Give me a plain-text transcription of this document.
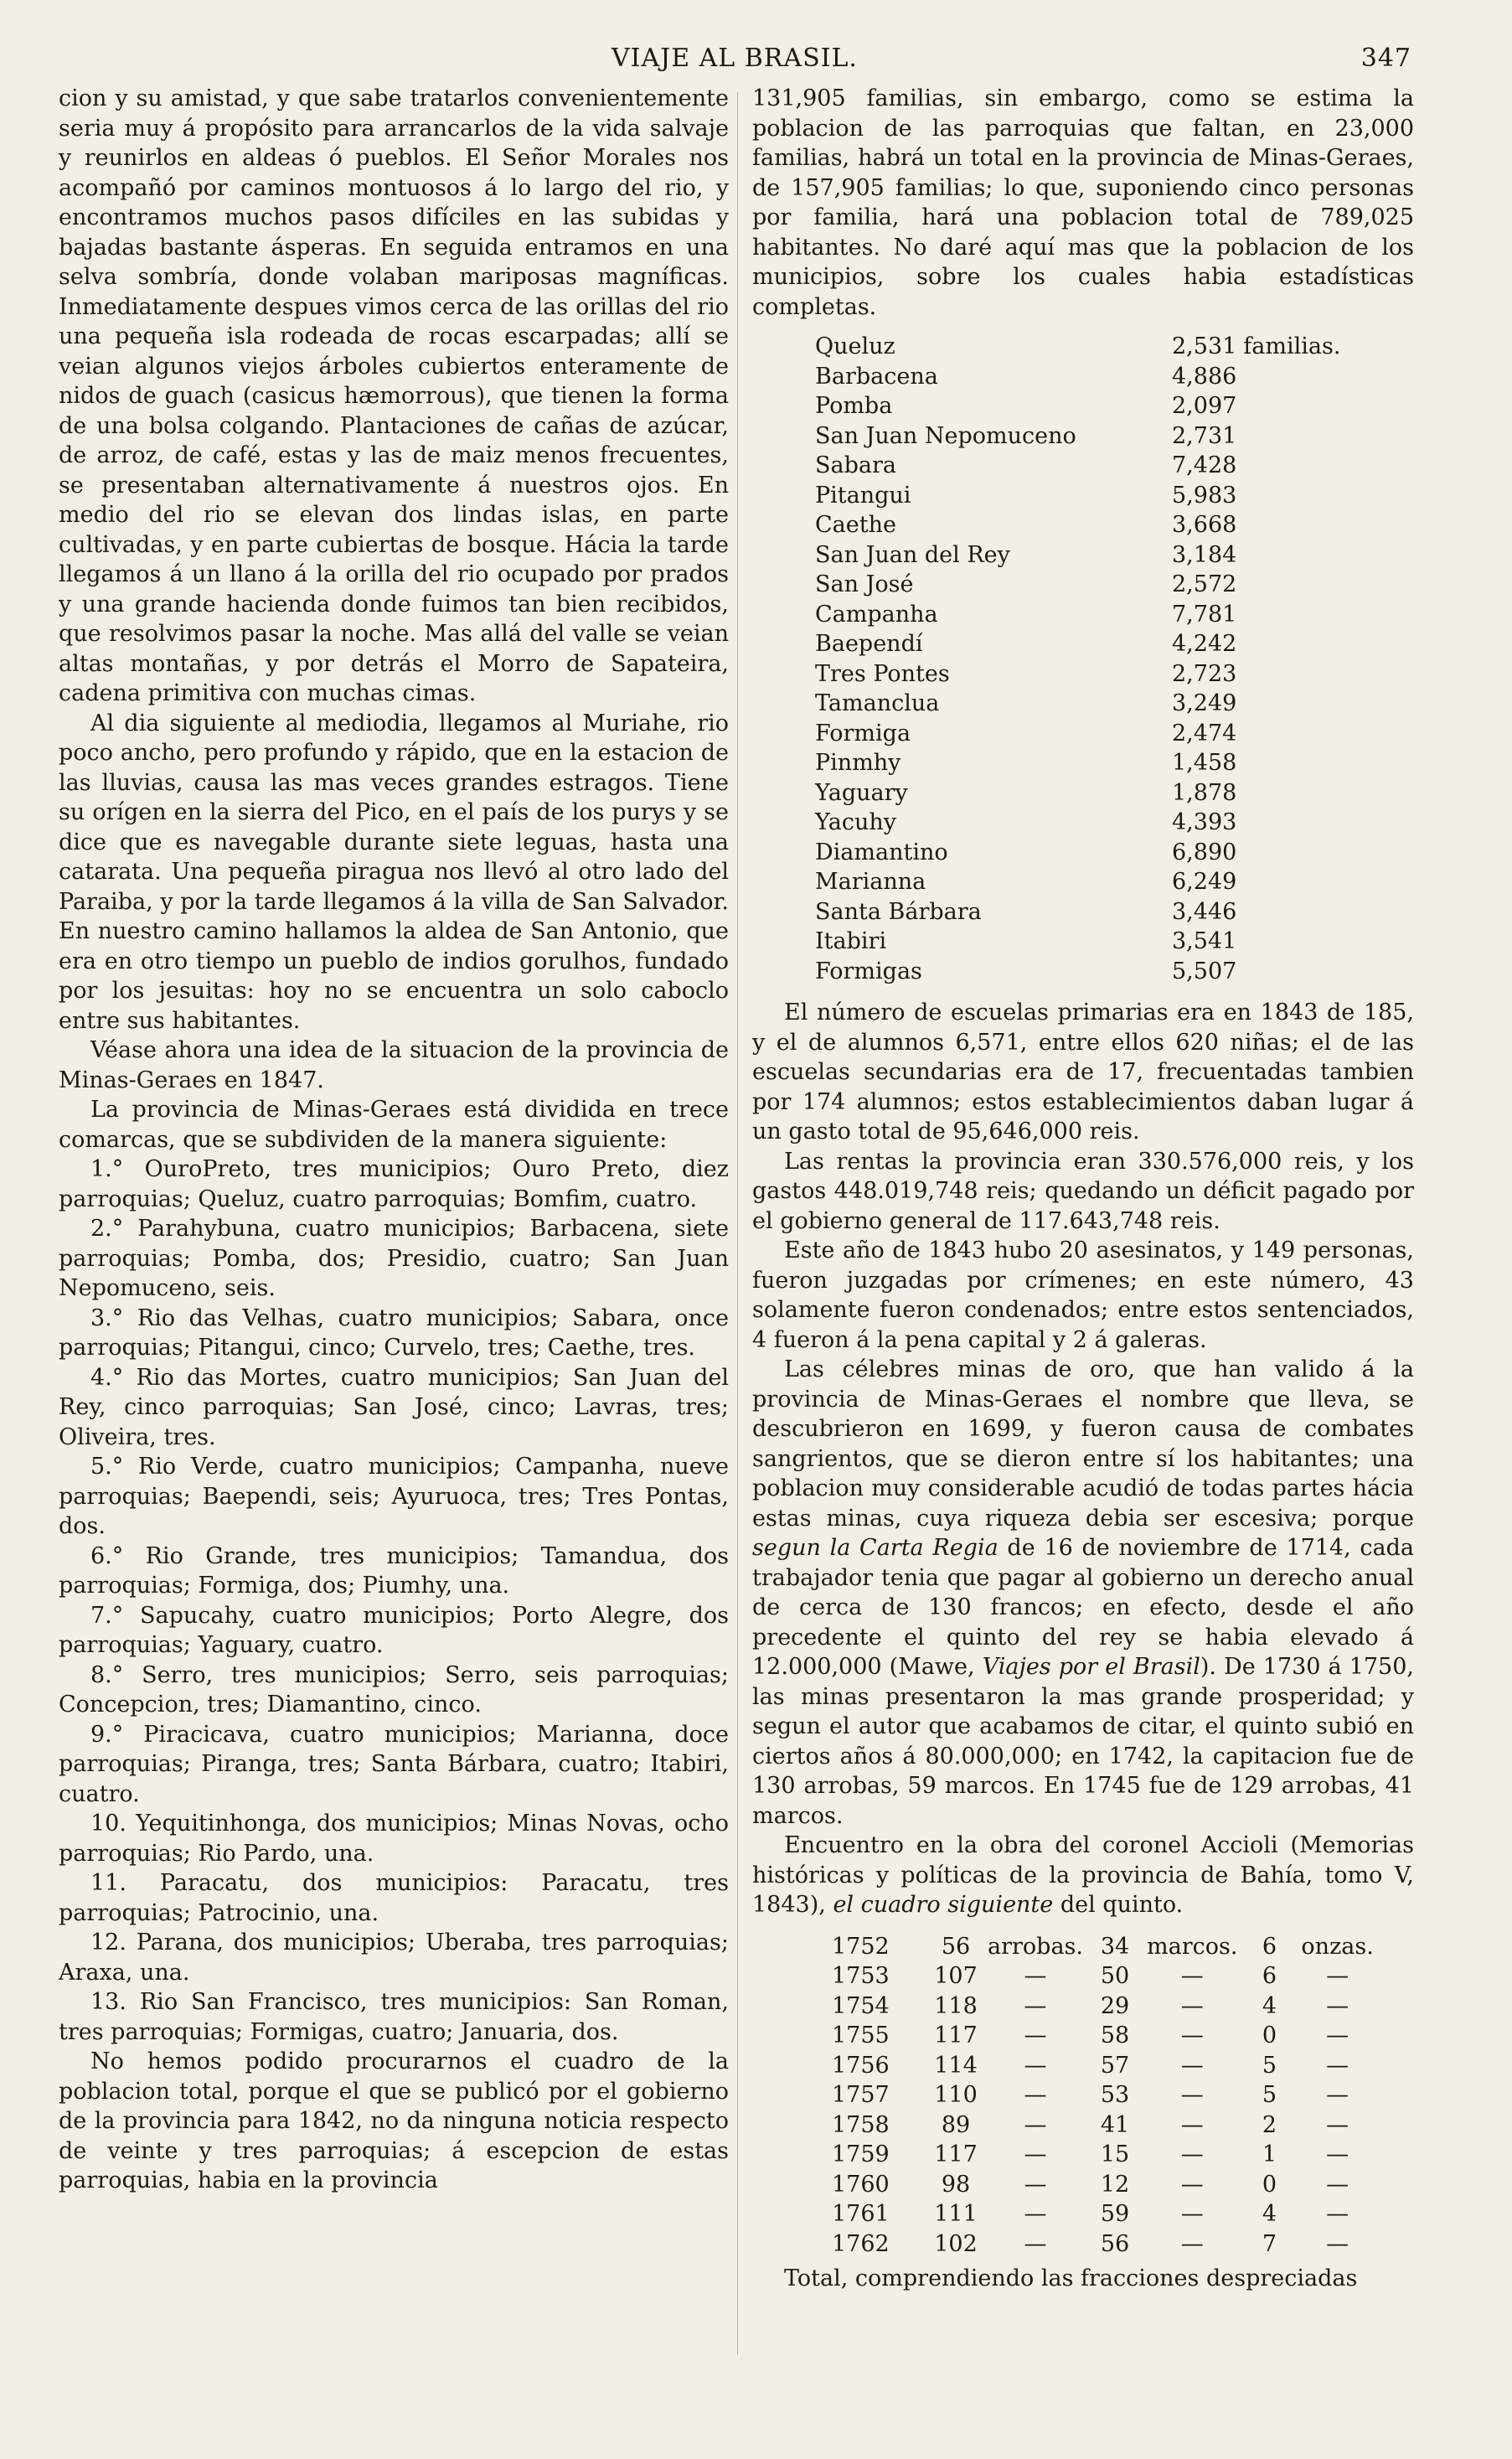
VIAJE AL BRASIL.	347

cion y su amistad, y que sabe tratarlos convenientemente seria muy á propósito para arrancarlos de la vida salvaje y reunirlos en aldeas ó pueblos. El Señor Morales nos acompañó por caminos montuosos á lo largo del rio, y encontramos muchos pasos difíciles en las subidas y bajadas bastante ásperas. En seguida entramos en una selva sombría, donde volaban mariposas magníficas. Inmediatamente despues vimos cerca de las orillas del rio una pequeña isla rodeada de rocas escarpadas; allí se veian algunos viejos árboles cubiertos enteramente de nidos de guach (casicus hæmorrous), que tienen la forma de una bolsa colgando. Plantaciones de cañas de azúcar, de arroz, de café, estas y las de maiz menos frecuentes, se presentaban alternativamente á nuestros ojos. En medio del rio se elevan dos lindas islas, en parte cultivadas, y en parte cubiertas de bosque. Hácia la tarde llegamos á un llano á la orilla del rio ocupado por prados y una grande hacienda donde fuimos tan bien recibidos, que resolvimos pasar la noche. Mas allá del valle se veian altas montañas, y por detrás el Morro de Sapateira, cadena primitiva con muchas cimas.

Al dia siguiente al mediodia, llegamos al Muriahe, rio poco ancho, pero profundo y rápido, que en la estacion de las lluvias, causa las mas veces grandes estragos. Tiene su orígen en la sierra del Pico, en el país de los purys y se dice que es navegable durante siete leguas, hasta una catarata. Una pequeña piragua nos llevó al otro lado del Paraiba, y por la tarde llegamos á la villa de San Salvador. En nuestro camino hallamos la aldea de San Antonio, que era en otro tiempo un pueblo de indios gorulhos, fundado por los jesuitas: hoy no se encuentra un solo caboclo entre sus habitantes.

Véase ahora una idea de la situacion de la provincia de Minas-Geraes en 1847.

La provincia de Minas-Geraes está dividida en trece comarcas, que se subdividen de la manera siguiente:

1.° OuroPreto, tres municipios; Ouro Preto, diez parroquias; Queluz, cuatro parroquias; Bomfim, cuatro.

2.° Parahybuna, cuatro municipios; Barbacena, siete parroquias; Pomba, dos; Presidio, cuatro; San Juan Nepomuceno, seis.

3.° Rio das Velhas, cuatro municipios; Sabara, once parroquias; Pitangui, cinco; Curvelo, tres; Caethe, tres.

4.° Rio das Mortes, cuatro municipios; San Juan del Rey, cinco parroquias; San José, cinco; Lavras, tres; Oliveira, tres.

5.° Rio Verde, cuatro municipios; Campanha, nueve parroquias; Baependi, seis; Ayuruoca, tres; Tres Pontas, dos.

6.° Rio Grande, tres municipios; Tamandua, dos parroquias; Formiga, dos; Piumhy, una.

7.° Sapucahy, cuatro municipios; Porto Alegre, dos parroquias; Yaguary, cuatro.

8.° Serro, tres municipios; Serro, seis parroquias; Concepcion, tres; Diamantino, cinco.

9.° Piracicava, cuatro municipios; Marianna, doce parroquias; Piranga, tres; Santa Bárbara, cuatro; Itabiri, cuatro.

10. Yequitinhonga, dos municipios; Minas Novas, ocho parroquias; Rio Pardo, una.

11. Paracatu, dos municipios: Paracatu, tres parroquias; Patrocinio, una.

12. Parana, dos municipios; Uberaba, tres parroquias; Araxa, una.

13. Rio San Francisco, tres municipios: San Roman, tres parroquias; Formigas, cuatro; Januaria, dos.

No hemos podido procurarnos el cuadro de la poblacion total, porque el que se publicó por el gobierno de la provincia para 1842, no da ninguna noticia respecto de veinte y tres parroquias; á escepcion de estas parroquias, habia en la provincia

131,905 familias, sin embargo, como se estima la poblacion de las parroquias que faltan, en 23,000 familias, habrá un total en la provincia de Minas-Geraes, de 157,905 familias; lo que, suponiendo cinco personas por familia, hará una poblacion total de 789,025 habitantes. No daré aquí mas que la poblacion de los municipios, sobre los cuales habia estadísticas completas.

Queluz	2,531	familias.
Barbacena	4,886	
Pomba	2,097	
San Juan Nepomuceno	2,731	
Sabara	7,428	
Pitangui	5,983	
Caethe	3,668	
San Juan del Rey	3,184	
San José	2,572	
Campanha	7,781	
Baependí	4,242	
Tres Pontes	2,723	
Tamanclua	3,249	
Formiga	2,474	
Pinmhy	1,458	
Yaguary	1,878	
Yacuhy	4,393	
Diamantino	6,890	
Marianna	6,249	
Santa Bárbara	3,446	
Itabiri	3,541	
Formigas	5,507	

El número de escuelas primarias era en 1843 de 185, y el de alumnos 6,571, entre ellos 620 niñas; el de las escuelas secundarias era de 17, frecuentadas tambien por 174 alumnos; estos establecimientos daban lugar á un gasto total de 95,646,000 reis.

Las rentas la provincia eran 330.576,000 reis, y los gastos 448.019,748 reis; quedando un déficit pagado por el gobierno general de 117.643,748 reis.

Este año de 1843 hubo 20 asesinatos, y 149 personas, fueron juzgadas por crímenes; en este número, 43 solamente fueron condenados; entre estos sentenciados, 4 fueron á la pena capital y 2 á galeras.

Las célebres minas de oro, que han valido á la provincia de Minas-Geraes el nombre que lleva, se descubrieron en 1699, y fueron causa de combates sangrientos, que se dieron entre sí los habitantes; una poblacion muy considerable acudió de todas partes hácia estas minas, cuya riqueza debia ser escesiva; porque segun la Carta Regia de 16 de noviembre de 1714, cada trabajador tenia que pagar al gobierno un derecho anual de cerca de 130 francos; en efecto, desde el año precedente el quinto del rey se habia elevado á 12.000,000 (Mawe, Viajes por el Brasil). De 1730 á 1750, las minas presentaron la mas grande prosperidad; y segun el autor que acabamos de citar, el quinto subió en ciertos años á 80.000,000; en 1742, la capitacion fue de 130 arrobas, 59 marcos. En 1745 fue de 129 arrobas, 41 marcos.

Encuentro en la obra del coronel Accioli (Memorias históricas y políticas de la provincia de Bahía, tomo V, 1843), el cuadro siguiente del quinto.

1752	56	arrobas.	34	marcos.	6	onzas.
1753	107	—	50	—	6	—
1754	118	—	29	—	4	—
1755	117	—	58	—	0	—
1756	114	—	57	—	5	—
1757	110	—	53	—	5	—
1758	89	—	41	—	2	—
1759	117	—	15	—	1	—
1760	98	—	12	—	0	—
1761	111	—	59	—	4	—
1762	102	—	56	—	7	—

Total, comprendiendo las fracciones despreciadas
